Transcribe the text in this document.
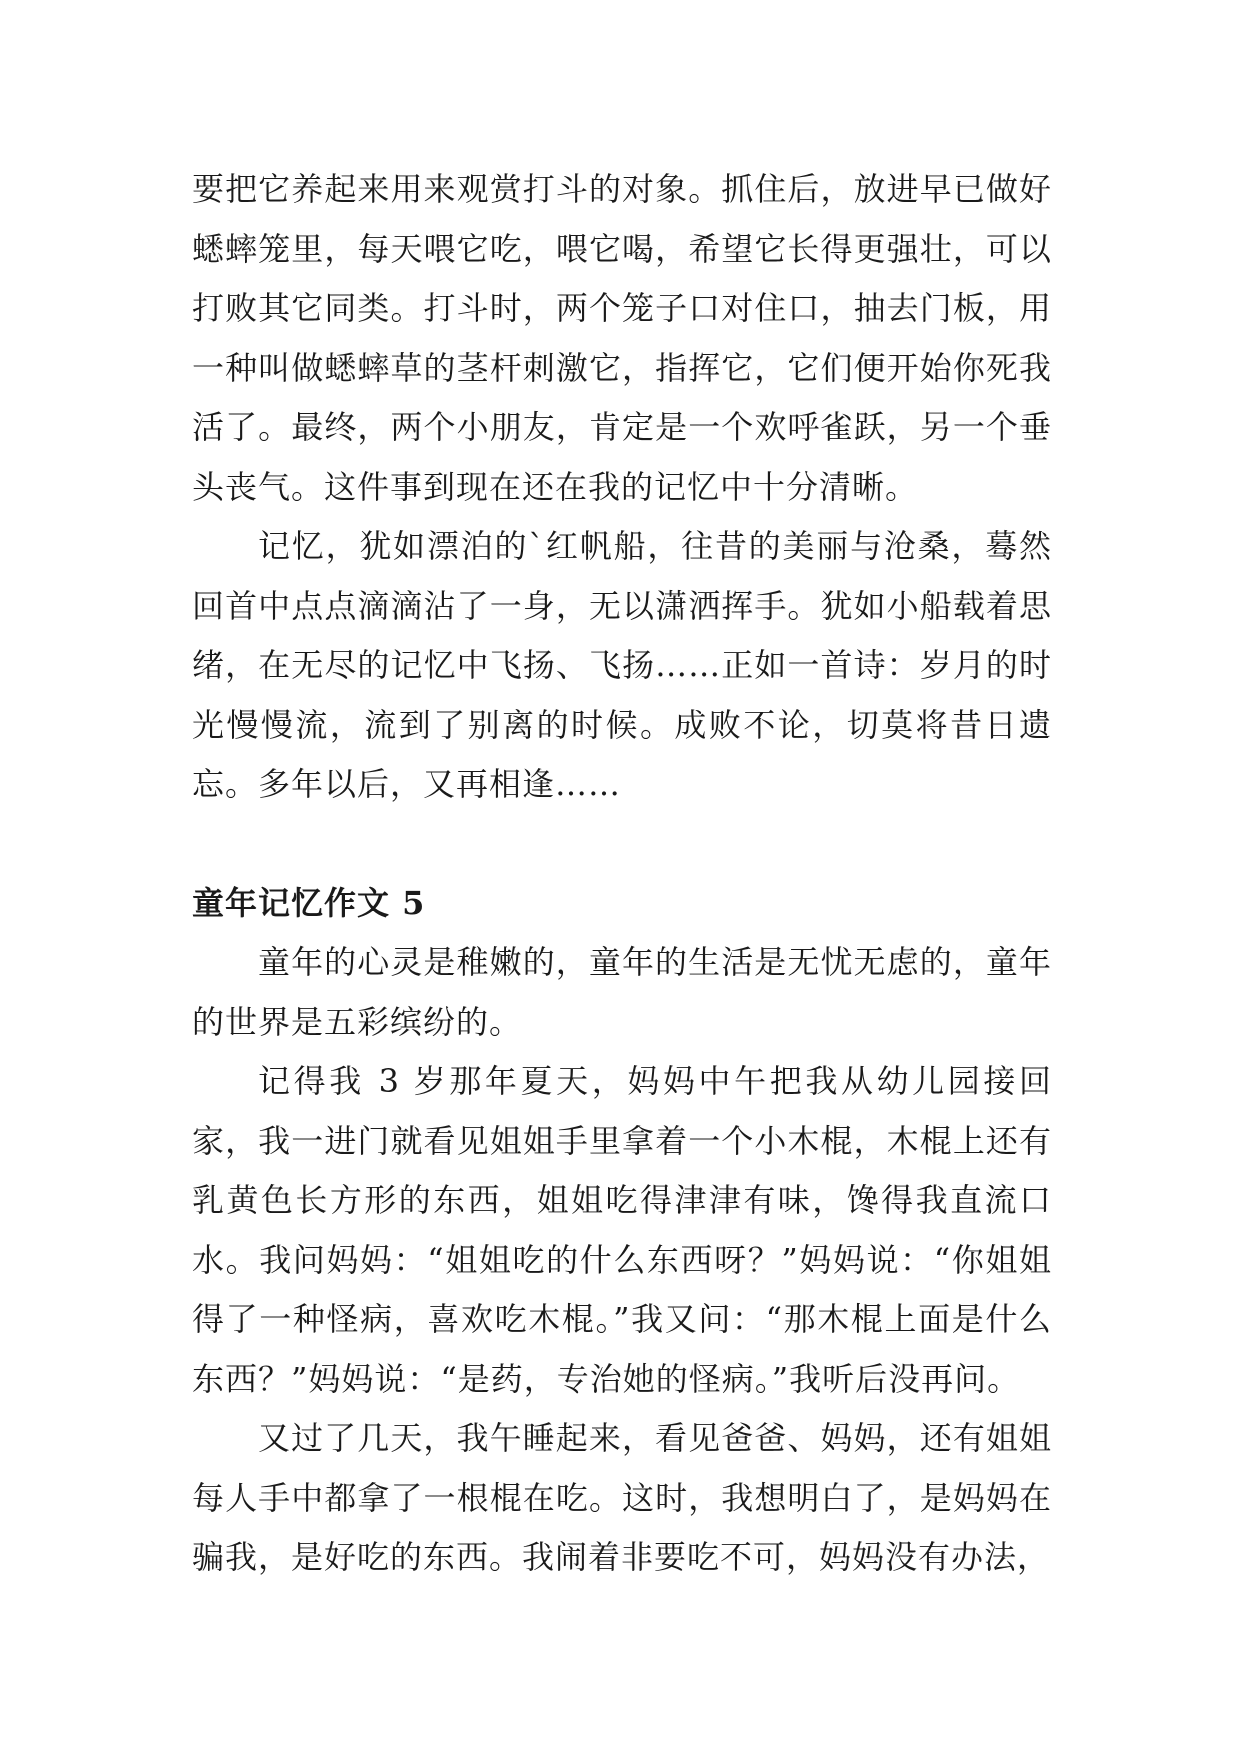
要把它养起来用来观赏打斗的对象。抓住后，放进早已做好蟋蟀笼里，每天喂它吃，喂它喝，希望它长得更强壮，可以打败其它同类。打斗时，两个笼子口对住口，抽去门板，用一种叫做蟋蟀草的茎杆刺激它，指挥它，它们便开始你死我活了。最终，两个小朋友，肯定是一个欢呼雀跃，另一个垂头丧气。这件事到现在还在我的记忆中十分清晰。

记忆，犹如漂泊的`红帆船，往昔的美丽与沧桑，蓦然回首中点点滴滴沾了一身，无以潇洒挥手。犹如小船载着思绪，在无尽的记忆中飞扬、飞扬……正如一首诗：岁月的时光慢慢流，流到了别离的时候。成败不论，切莫将昔日遗忘。多年以后，又再相逢……

童年记忆作文 5

童年的心灵是稚嫩的，童年的生活是无忧无虑的，童年的世界是五彩缤纷的。

记得我 3 岁那年夏天，妈妈中午把我从幼儿园接回家，我一进门就看见姐姐手里拿着一个小木棍，木棍上还有乳黄色长方形的东西，姐姐吃得津津有味，馋得我直流口水。我问妈妈：“姐姐吃的什么东西呀？”妈妈说：“你姐姐得了一种怪病，喜欢吃木棍。”我又问：“那木棍上面是什么东西？”妈妈说：“是药，专治她的怪病。”我听后没再问。

又过了几天，我午睡起来，看见爸爸、妈妈，还有姐姐每人手中都拿了一根棍在吃。这时，我想明白了，是妈妈在骗我，是好吃的东西。我闹着非要吃不可，妈妈没有办法，
